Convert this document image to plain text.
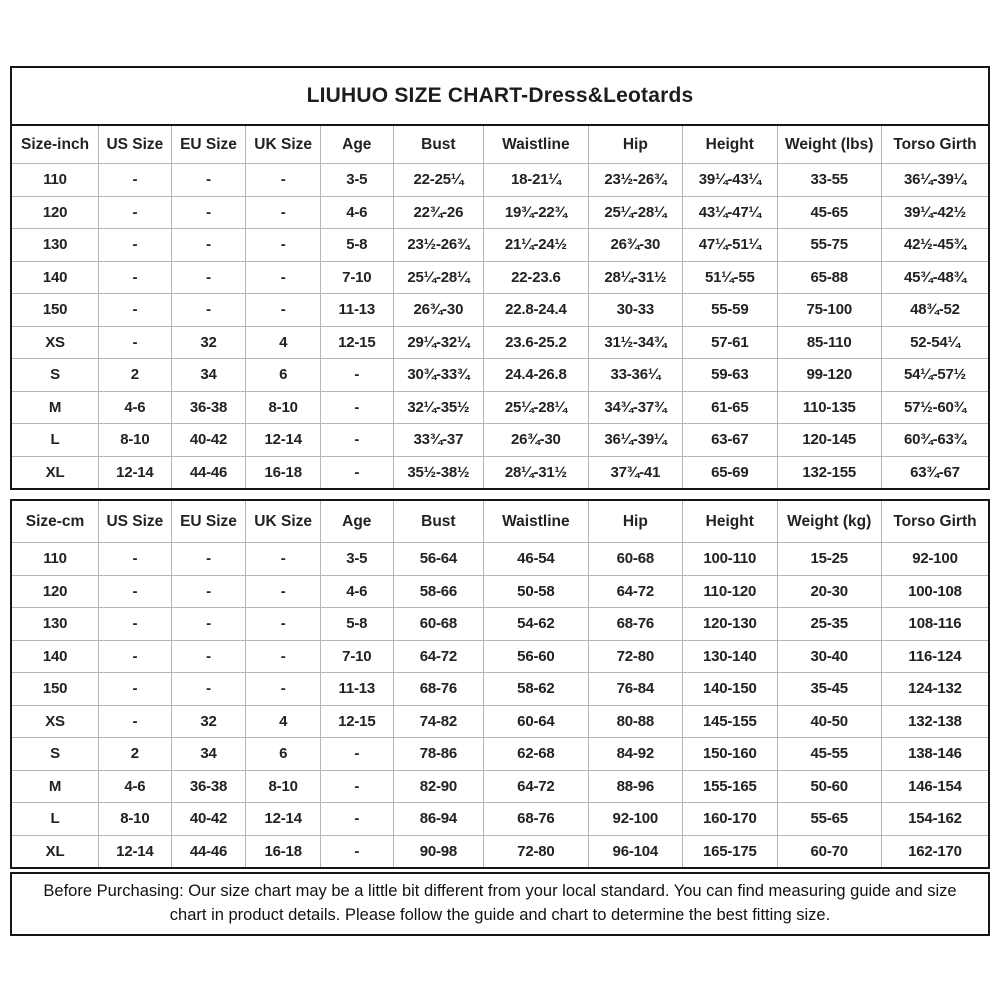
LIUHUO SIZE CHART-Dress&Leotards
Size-inch	US Size	EU Size	UK Size	Age	Bust	Waistline	Hip	Height	Weight (lbs)	Torso Girth
110	-	-	-	3-5	22-25¼	18-21¼	23½-26¾	39¼-43¼	33-55	36¼-39¼
120	-	-	-	4-6	22¾-26	19¾-22¾	25¼-28¼	43¼-47¼	45-65	39¼-42½
130	-	-	-	5-8	23½-26¾	21¼-24½	26¾-30	47¼-51¼	55-75	42½-45¾
140	-	-	-	7-10	25¼-28¼	22-23.6	28¼-31½	51¼-55	65-88	45¾-48¾
150	-	-	-	11-13	26¾-30	22.8-24.4	30-33	55-59	75-100	48¾-52
XS	-	32	4	12-15	29¼-32¼	23.6-25.2	31½-34¾	57-61	85-110	52-54¼
S	2	34	6	-	30¾-33¾	24.4-26.8	33-36¼	59-63	99-120	54¼-57½
M	4-6	36-38	8-10	-	32¼-35½	25¼-28¼	34¾-37¾	61-65	110-135	57½-60¾
L	8-10	40-42	12-14	-	33¾-37	26¾-30	36¼-39¼	63-67	120-145	60¾-63¾
XL	12-14	44-46	16-18	-	35½-38½	28¼-31½	37¾-41	65-69	132-155	63¾-67
Size-cm	US Size	EU Size	UK Size	Age	Bust	Waistline	Hip	Height	Weight (kg)	Torso Girth
110	-	-	-	3-5	56-64	46-54	60-68	100-110	15-25	92-100
120	-	-	-	4-6	58-66	50-58	64-72	110-120	20-30	100-108
130	-	-	-	5-8	60-68	54-62	68-76	120-130	25-35	108-116
140	-	-	-	7-10	64-72	56-60	72-80	130-140	30-40	116-124
150	-	-	-	11-13	68-76	58-62	76-84	140-150	35-45	124-132
XS	-	32	4	12-15	74-82	60-64	80-88	145-155	40-50	132-138
S	2	34	6	-	78-86	62-68	84-92	150-160	45-55	138-146
M	4-6	36-38	8-10	-	82-90	64-72	88-96	155-165	50-60	146-154
L	8-10	40-42	12-14	-	86-94	68-76	92-100	160-170	55-65	154-162
XL	12-14	44-46	16-18	-	90-98	72-80	96-104	165-175	60-70	162-170
Before Purchasing: Our size chart may be a little bit different from your local standard. You can find measuring guide and size chart in product details. Please follow the guide and chart to determine the best fitting size.
